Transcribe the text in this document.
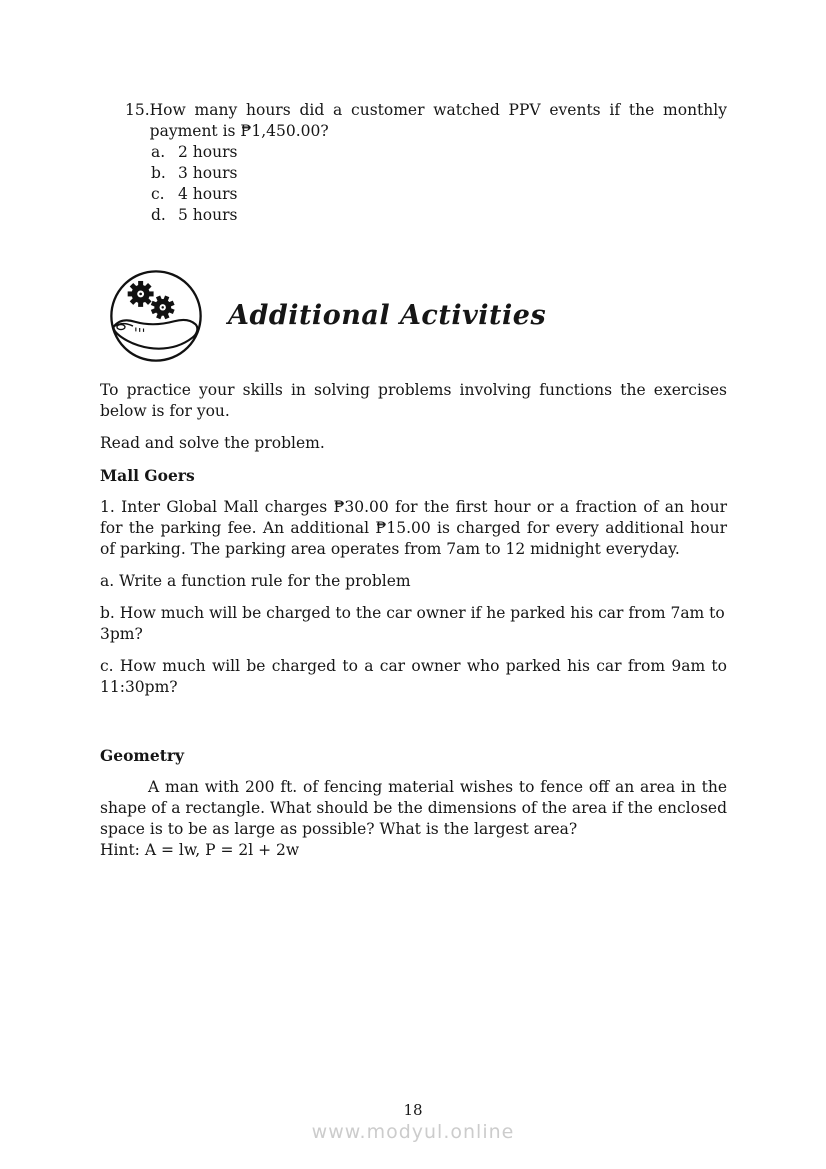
15. How many hours did a customer watched PPV events if the monthly payment is ₱1,450.00?
a. 2 hours
b. 3 hours
c. 4 hours
d. 5 hours
Additional Activities

To practice your skills in solving problems involving functions the exercises below is for you.

Read and solve the problem.

Mall Goers

1. Inter Global Mall charges ₱30.00 for the first hour or a fraction of an hour for the parking fee. An additional ₱15.00 is charged for every additional hour of parking. The parking area operates from 7am to 12 midnight everyday.

a. Write a function rule for the problem

b. How much will be charged to the car owner if he parked his car from 7am to 3pm?

c. How much will be charged to a car owner who parked his car from 9am to 11:30pm?

Geometry

A man with 200 ft. of fencing material wishes to fence off an area in the shape of a rectangle. What should be the dimensions of the area if the enclosed space is to be as large as possible? What is the largest area?

Hint: A = lw, P = 2l + 2w

18
www.modyul.online
